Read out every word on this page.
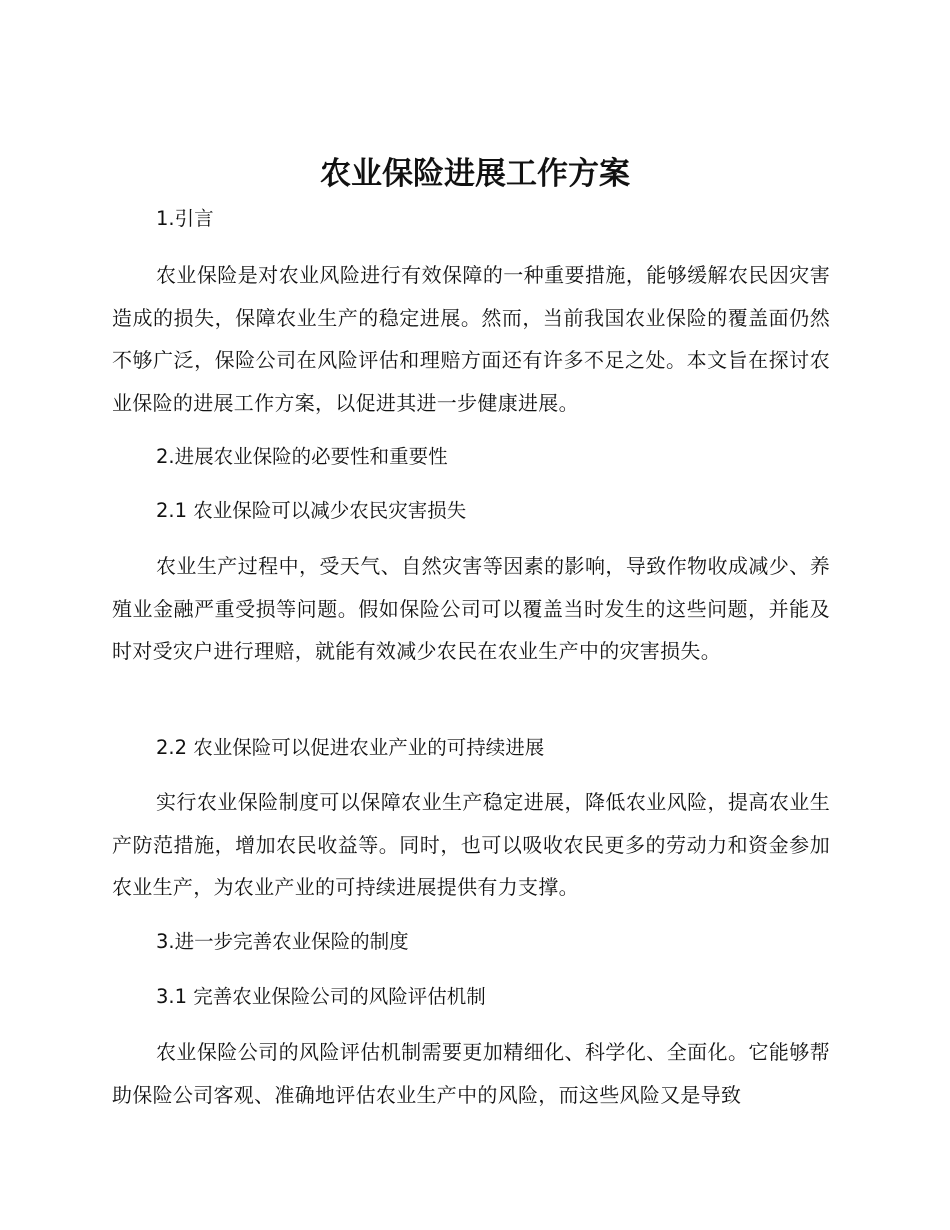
农业保险进展工作方案
1.引言

农业保险是对农业风险进行有效保障的一种重要措施，能够缓解农民因灾害造成的损失，保障农业生产的稳定进展。然而，当前我国农业保险的覆盖面仍然不够广泛，保险公司在风险评估和理赔方面还有许多不足之处。本文旨在探讨农业保险的进展工作方案，以促进其进一步健康进展。

2.进展农业保险的必要性和重要性
2.1 农业保险可以减少农民灾害损失

农业生产过程中，受天气、自然灾害等因素的影响，导致作物收成减少、养殖业金融严重受损等问题。假如保险公司可以覆盖当时发生的这些问题，并能及时对受灾户进行理赔，就能有效减少农民在农业生产中的灾害损失。

2.2 农业保险可以促进农业产业的可持续进展

实行农业保险制度可以保障农业生产稳定进展，降低农业风险，提高农业生产防范措施，增加农民收益等。同时，也可以吸收农民更多的劳动力和资金参加农业生产，为农业产业的可持续进展提供有力支撑。

3.进一步完善农业保险的制度
3.1 完善农业保险公司的风险评估机制

农业保险公司的风险评估机制需要更加精细化、科学化、全面化。它能够帮助保险公司客观、准确地评估农业生产中的风险，而这些风险又是导致
